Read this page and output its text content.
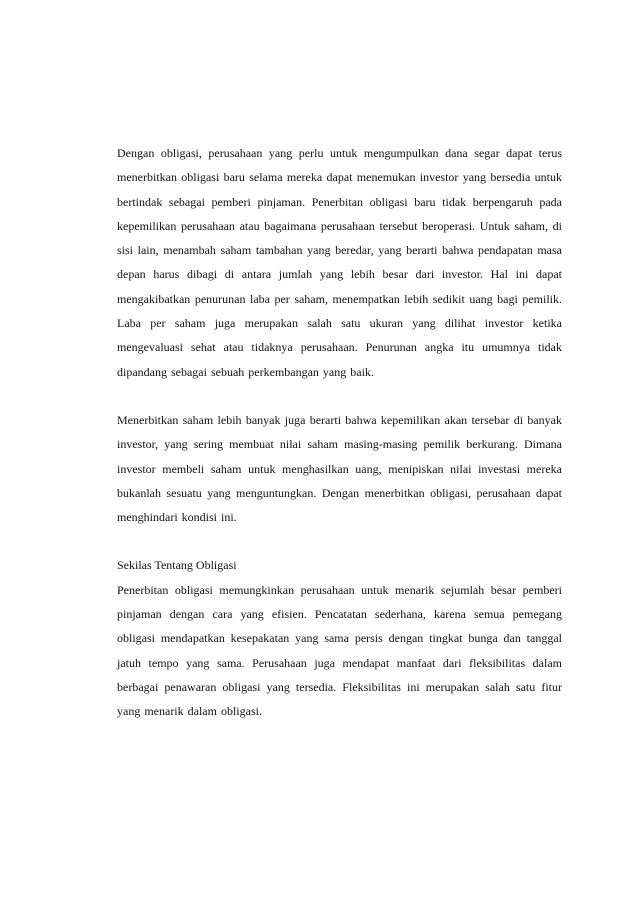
Dengan obligasi, perusahaan yang perlu untuk mengumpulkan dana segar dapat terus menerbitkan obligasi baru selama mereka dapat menemukan investor yang bersedia untuk bertindak sebagai pemberi pinjaman. Penerbitan obligasi baru tidak berpengaruh pada kepemilikan perusahaan atau bagaimana perusahaan tersebut beroperasi. Untuk saham, di sisi lain, menambah saham tambahan yang beredar, yang berarti bahwa pendapatan masa depan harus dibagi di antara jumlah yang lebih besar dari investor. Hal ini dapat mengakibatkan penurunan laba per saham, menempatkan lebih sedikit uang bagi pemilik. Laba per saham juga merupakan salah satu ukuran yang dilihat investor ketika mengevaluasi sehat atau tidaknya perusahaan. Penurunan angka itu umumnya tidak dipandang sebagai sebuah perkembangan yang baik.

Menerbitkan saham lebih banyak juga berarti bahwa kepemilikan akan tersebar di banyak investor, yang sering membuat nilai saham masing-masing pemilik berkurang. Dimana investor membeli saham untuk menghasilkan uang, menipiskan nilai investasi mereka bukanlah sesuatu yang menguntungkan. Dengan menerbitkan obligasi, perusahaan dapat menghindari kondisi ini.

Sekilas Tentang Obligasi

Penerbitan obligasi memungkinkan perusahaan untuk menarik sejumlah besar pemberi pinjaman dengan cara yang efisien. Pencatatan sederhana, karena semua pemegang obligasi mendapatkan kesepakatan yang sama persis dengan tingkat bunga dan tanggal jatuh tempo yang sama. Perusahaan juga mendapat manfaat dari fleksibilitas dalam berbagai penawaran obligasi yang tersedia. Fleksibilitas ini merupakan salah satu fitur yang menarik dalam obligasi.
